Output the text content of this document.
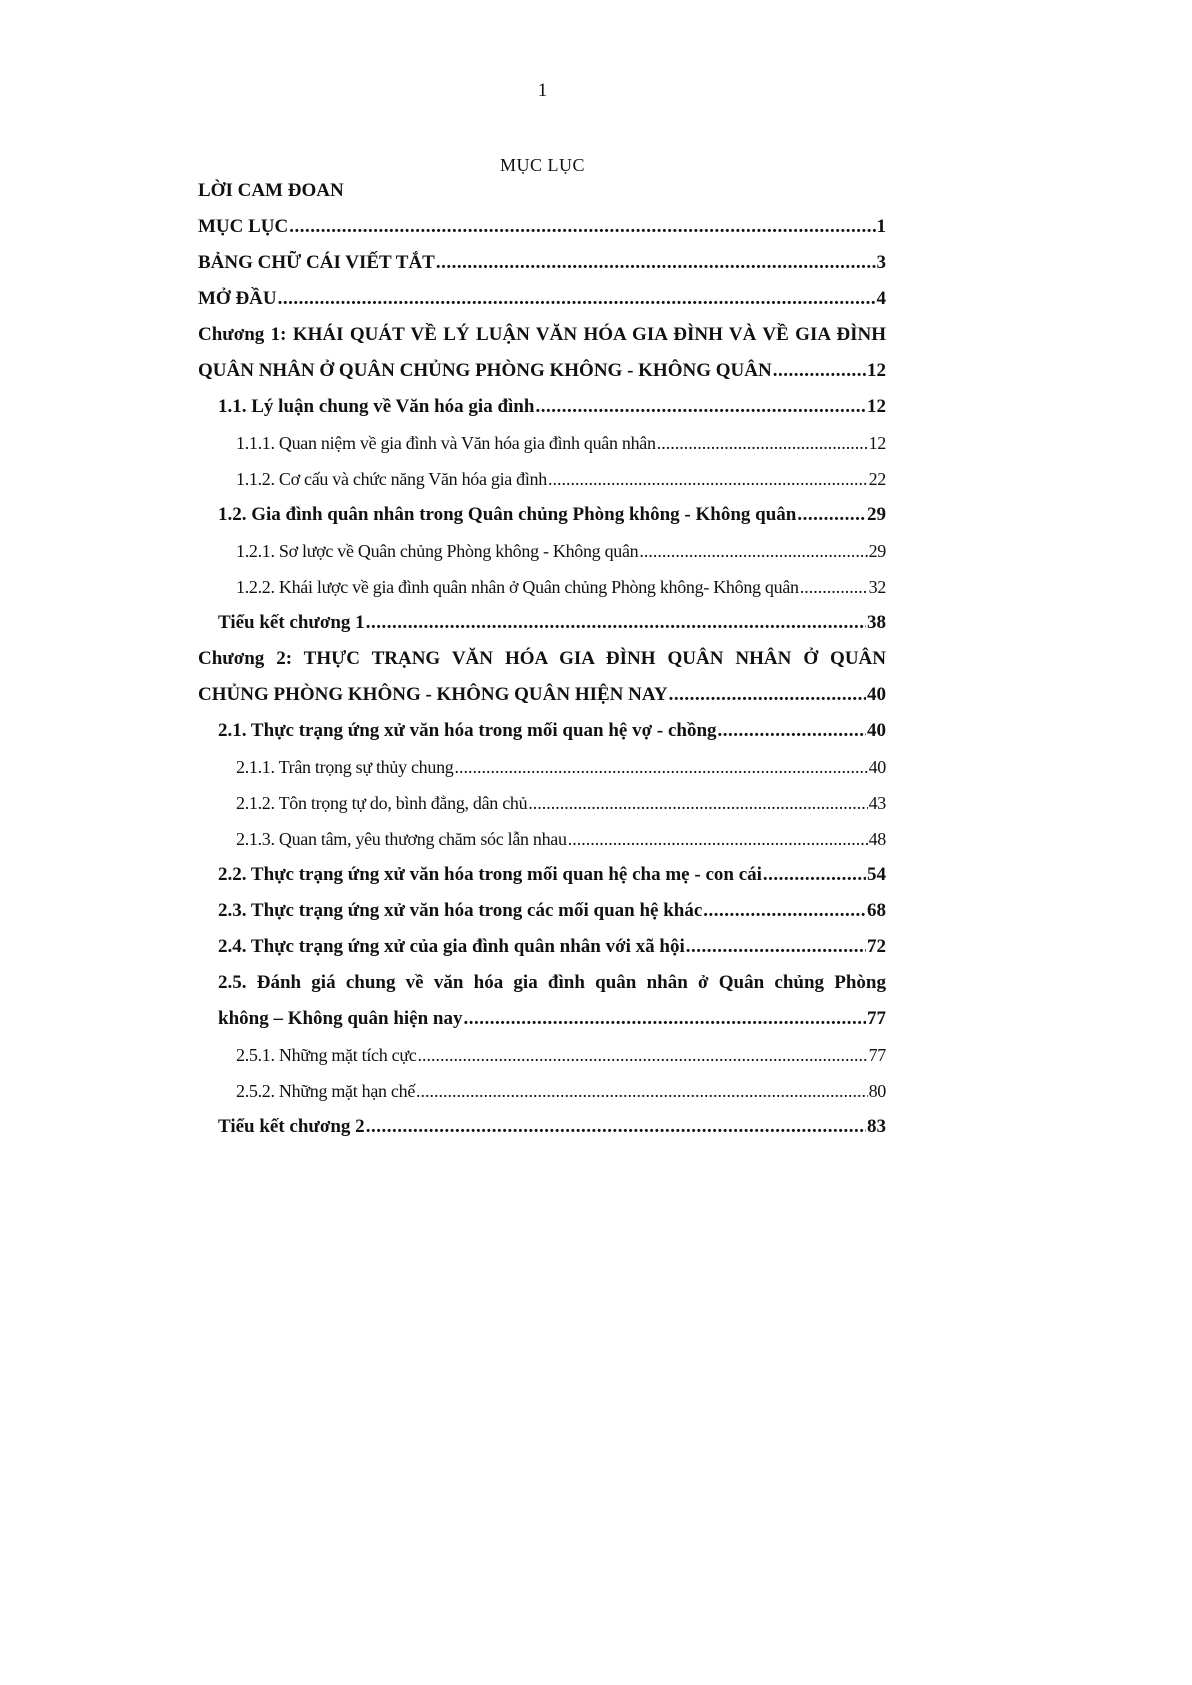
1
MỤC LỤC
LỜI CAM ĐOAN
MỤC LỤC .....	1
BẢNG CHỮ CÁI VIẾT TẮT .....	3
MỞ ĐẦU .....	4
Chương 1: KHÁI QUÁT VỀ LÝ LUẬN VĂN HÓA GIA ĐÌNH VÀ VỀ GIA ĐÌNH
QUÂN NHÂN Ở QUÂN CHỦNG PHÒNG KHÔNG - KHÔNG QUÂN .....	12
1.1. Lý luận chung về Văn hóa gia đình .....	12
1.1.1. Quan niệm về gia đình và Văn hóa gia đình quân nhân .....	12
1.1.2. Cơ cấu và chức năng Văn hóa gia đình .....	22
1.2. Gia đình quân nhân trong Quân chủng Phòng không - Không quân .....	29
1.2.1. Sơ lược về Quân chủng Phòng không - Không quân .....	29
1.2.2. Khái lược về gia đình quân nhân ở Quân chủng Phòng không- Không quân .....	32
Tiểu kết chương 1 .....	38
Chương 2: THỰC TRẠNG VĂN HÓA GIA ĐÌNH QUÂN NHÂN Ở QUÂN
CHỦNG PHÒNG KHÔNG - KHÔNG QUÂN HIỆN NAY .....	40
2.1. Thực trạng ứng xử văn hóa trong mối quan hệ vợ - chồng .....	40
2.1.1. Trân trọng sự thủy chung .....	40
2.1.2. Tôn trọng tự do, bình đẳng, dân chủ .....	43
2.1.3. Quan tâm, yêu thương chăm sóc lẫn nhau .....	48
2.2. Thực trạng ứng xử văn hóa trong mối quan hệ cha mẹ - con cái .....	54
2.3. Thực trạng ứng xử văn hóa trong các mối quan hệ khác .....	68
2.4. Thực trạng ứng xử của gia đình quân nhân với xã hội .....	72
2.5. Đánh giá chung về văn hóa gia đình quân nhân ở Quân chủng Phòng
không – Không quân hiện nay .....	77
2.5.1. Những mặt tích cực .....	77
2.5.2. Những mặt hạn chế .....	80
Tiểu kết chương 2 .....	83
